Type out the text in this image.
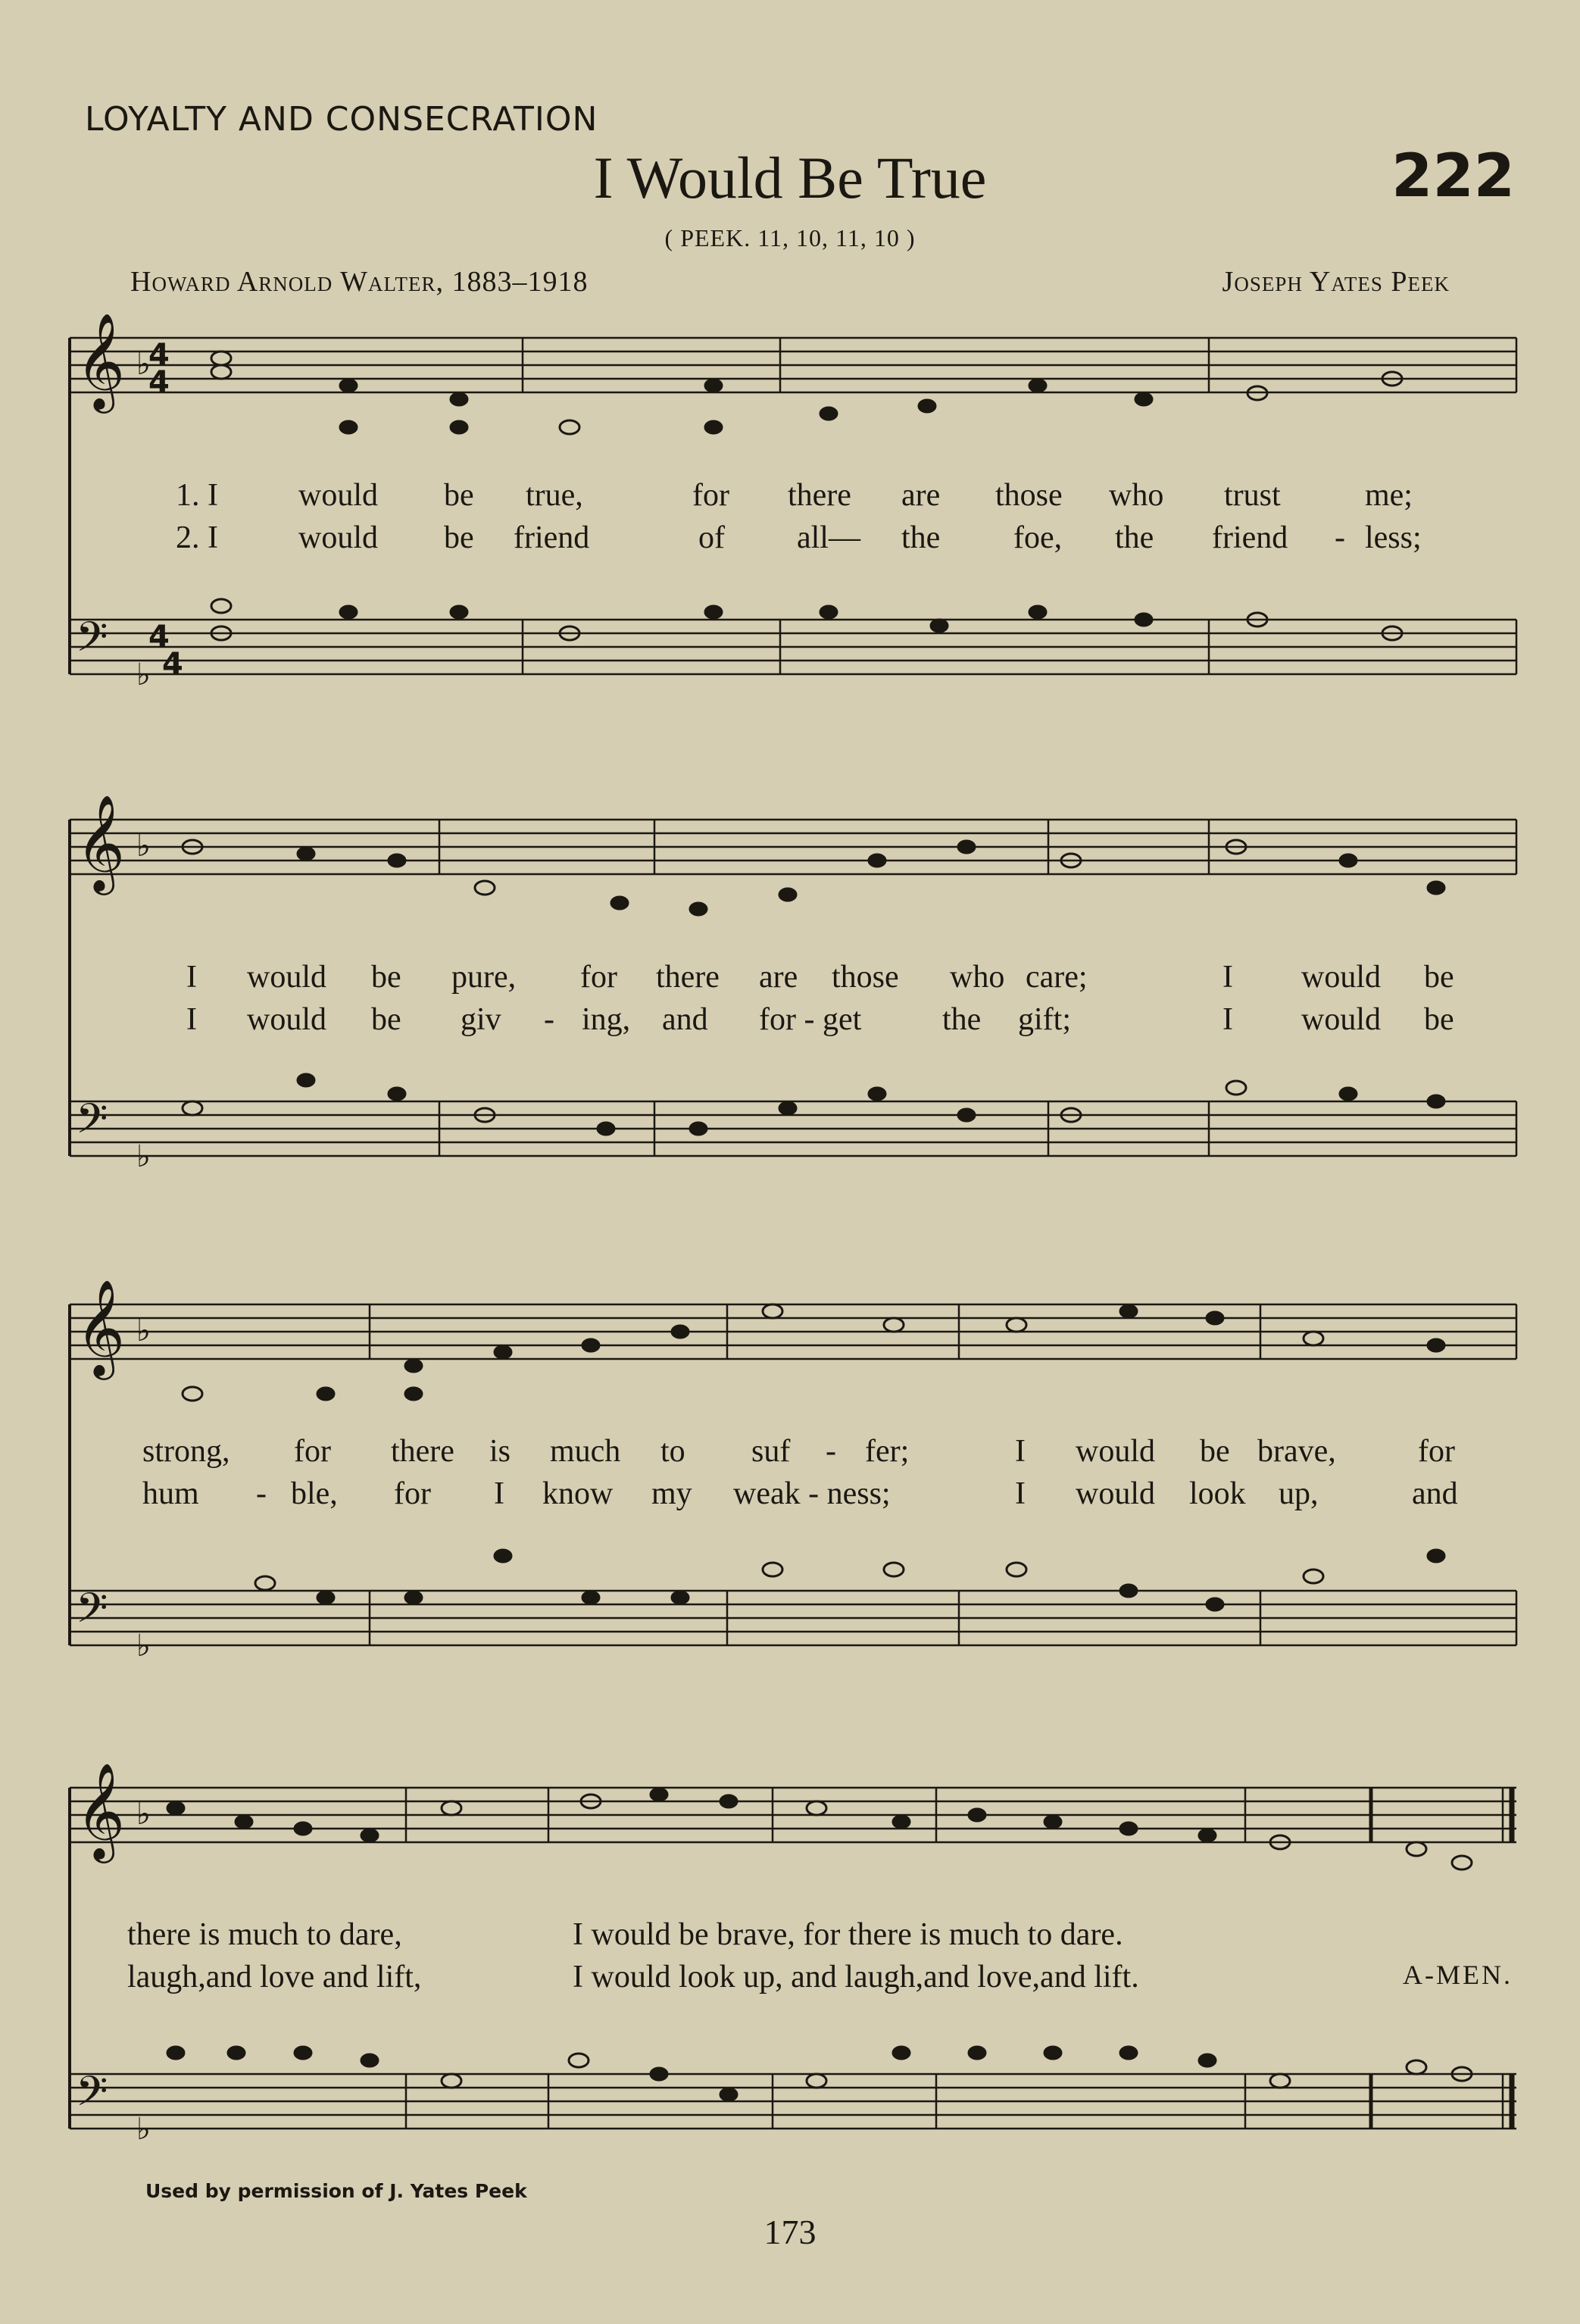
𝄞
𝄢
𝄞
𝄢
𝄞
𝄢
𝄞
𝄢
♭
♭
♭
♭
♭
♭
♭
♭
4
4
4
4
LOYALTY AND CONSECRATION
I Would Be True	222
( PEEK. 11, 10, 11, 10 )
Howard Arnold Walter, 1883–1918	Joseph Yates Peek
1. I	would be true,	for there are those who trust	me;
2. I	would be friend	of all— the foe, the friend - less;
I would be pure, for there are those who care;	I would be
I would be giv - ing, and for - get	the gift;	I would be
strong, for there is much to suf - fer;	I would be brave,	for
hum - ble, for I know my weak - ness;	I would look up,	and
there is much to dare,	I would be brave, for there is much to dare.
laugh,and love and lift,	I would look up, and laugh,and love,and lift.	A-MEN.
Used by permission of J. Yates Peek
173
